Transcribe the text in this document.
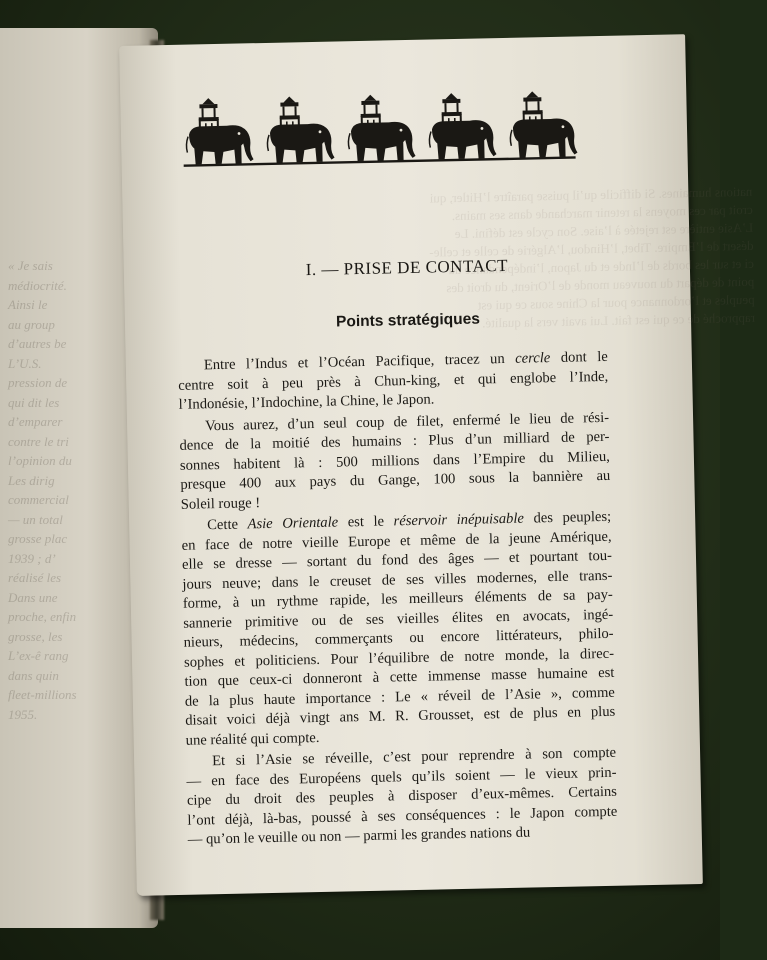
« Je sais
médiocrité.
Ainsi le
au group
d’autres be
L’U.S.
pression de
qui dit les
d’emparer
contre le tri
l’opinion du
Les dirig
commercial
— un total
grosse plac
1939 ; d’
réalisé les
Dans une
proche, enfin
grosse, les
L’ex-ê rang
dans quin
fleet-millions
1955.
nations humaines. Si difficile qu’il puisse paraître l’Hitler, qui croit par ces moyens la retenir marchande dans ses mains. L’Asie entière est rejetée à l’aise. Son cycle est défini. Le désert de l’Empire. Tibet, l’Hindou, l’Algérie de celle et celle-ci et sur les bords de l’Inde et du Japon, l’indépendance du point de départ du nouveau monde de l’Orient, du droit des peuples et l’ordonnance pour la Chine sous ce qui est rapproché de ce qui est fait. Lui avait vers la qualité.
I. — PRISE DE CONTACT
Points stratégiques
Entre l’Indus et l’Océan Pacifique, tracez un cercle dont le
centre soit à peu près à Chun-king, et qui englobe l’Inde,
l’Indonésie, l’Indochine, la Chine, le Japon.
Vous aurez, d’un seul coup de filet, enfermé le lieu de rési-
dence de la moitié des humains : Plus d’un milliard de per-
sonnes habitent là : 500 millions dans l’Empire du Milieu,
presque 400 aux pays du Gange, 100 sous la bannière au
Soleil rouge !
Cette Asie Orientale est le réservoir inépuisable des peuples;
en face de notre vieille Europe et même de la jeune Amérique,
elle se dresse — sortant du fond des âges — et pourtant tou-
jours neuve; dans le creuset de ses villes modernes, elle trans-
forme, à un rythme rapide, les meilleurs éléments de sa pay-
sannerie primitive ou de ses vieilles élites en avocats, ingé-
nieurs, médecins, commerçants ou encore littérateurs, philo-
sophes et politiciens. Pour l’équilibre de notre monde, la direc-
tion que ceux-ci donneront à cette immense masse humaine est
de la plus haute importance : Le « réveil de l’Asie », comme
disait voici déjà vingt ans M. R. Grousset, est de plus en plus
une réalité qui compte.
Et si l’Asie se réveille, c’est pour reprendre à son compte
— en face des Européens quels qu’ils soient — le vieux prin-
cipe du droit des peuples à disposer d’eux-mêmes. Certains
l’ont déjà, là-bas, poussé à ses conséquences : le Japon compte
— qu’on le veuille ou non — parmi les grandes nations du
